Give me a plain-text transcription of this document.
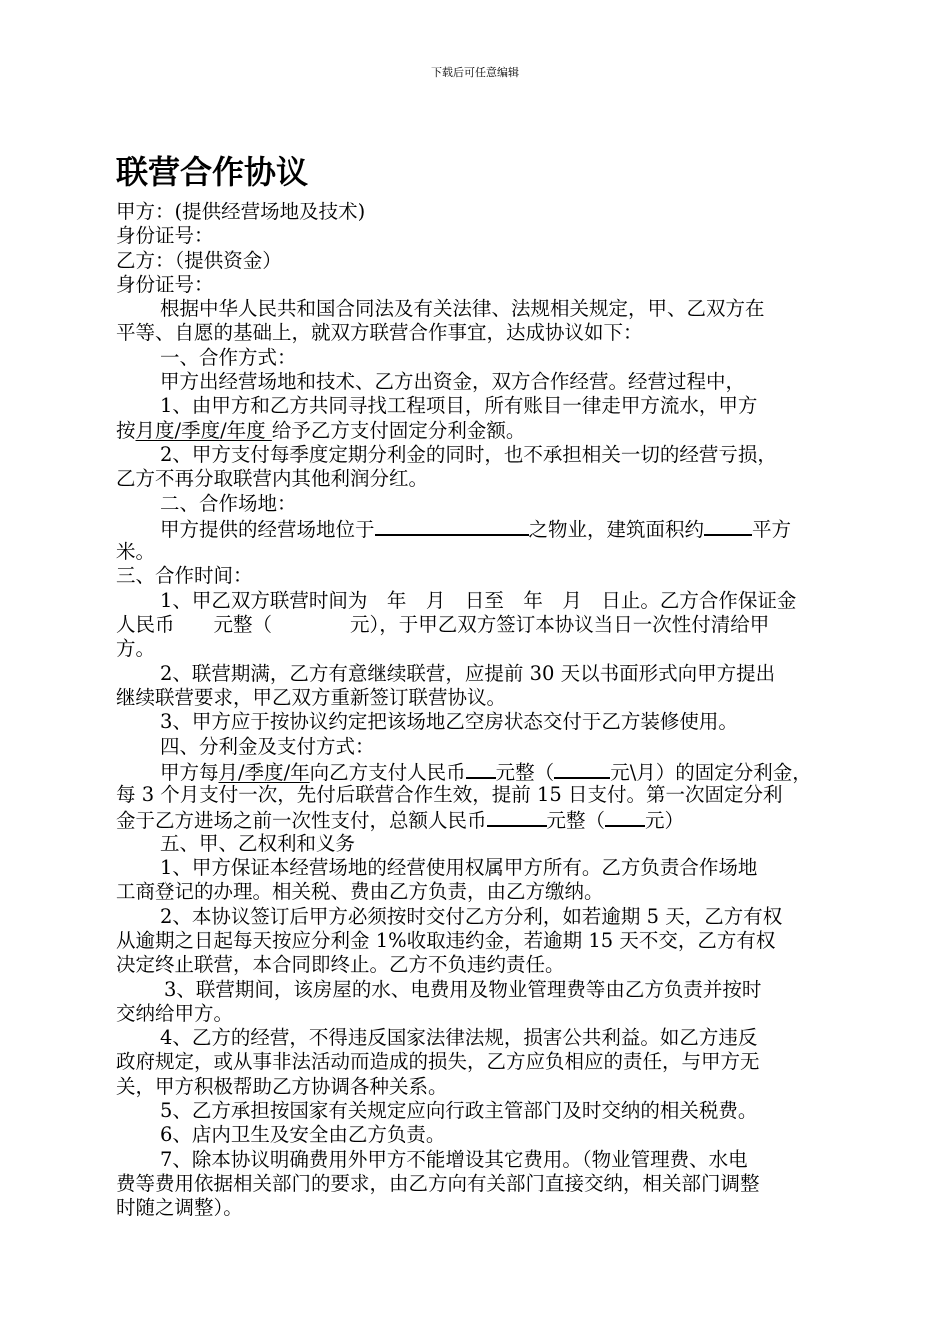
下载后可任意编辑
联营合作协议
甲方：(提供经营场地及技术)
身份证号：
乙方：（提供资金）
身份证号：
根据中华人民共和国合同法及有关法律、法规相关规定，甲、乙双方在
平等、自愿的基础上，就双方联营合作事宜，达成协议如下：
一、合作方式：
甲方出经营场地和技术、乙方出资金，双方合作经营。经营过程中，
1、由甲方和乙方共同寻找工程项目，所有账目一律走甲方流水，甲方
按月度/季度/年度 给予乙方支付固定分利金额。
2、甲方支付每季度定期分利金的同时，也不承担相关一切的经营亏损，
乙方不再分取联营内其他利润分红。
二、合作场地：
甲方提供的经营场地位于	之物业，建筑面积约 平方
米。
三、合作时间：
1、甲乙双方联营时间为　年　月　日至　年　月　日止。乙方合作保证金
人民币　　元整（　　　　元），于甲乙双方签订本协议当日一次性付清给甲
方。
2、联营期满，乙方有意继续联营，应提前 30 天以书面形式向甲方提出
继续联营要求，甲乙双方重新签订联营协议。
3、甲方应于按协议约定把该场地乙空房状态交付于乙方装修使用。
四、分利金及支付方式：
甲方每月/季度/年向乙方支付人民币 元整（	元\月）的固定分利金，
每 3 个月支付一次，先付后联营合作生效，提前 15 日支付。第一次固定分利
金于乙方进场之前一次性支付，总额人民币	元整（ 元）
五、甲、乙权利和义务
1、甲方保证本经营场地的经营使用权属甲方所有。乙方负责合作场地
工商登记的办理。相关税、费由乙方负责，由乙方缴纳。
2、本协议签订后甲方必须按时交付乙方分利，如若逾期 5 天，乙方有权
从逾期之日起每天按应分利金 1%收取违约金，若逾期 15 天不交，乙方有权
决定终止联营，本合同即终止。乙方不负违约责任。
3、联营期间，该房屋的水、电费用及物业管理费等由乙方负责并按时
交纳给甲方。
4、乙方的经营，不得违反国家法律法规，损害公共利益。如乙方违反
政府规定，或从事非法活动而造成的损失，乙方应负相应的责任，与甲方无
关，甲方积极帮助乙方协调各种关系。
5、乙方承担按国家有关规定应向行政主管部门及时交纳的相关税费。
6、店内卫生及安全由乙方负责。
7、除本协议明确费用外甲方不能增设其它费用。（物业管理费、水电
费等费用依据相关部门的要求，由乙方向有关部门直接交纳，相关部门调整
时随之调整）。
